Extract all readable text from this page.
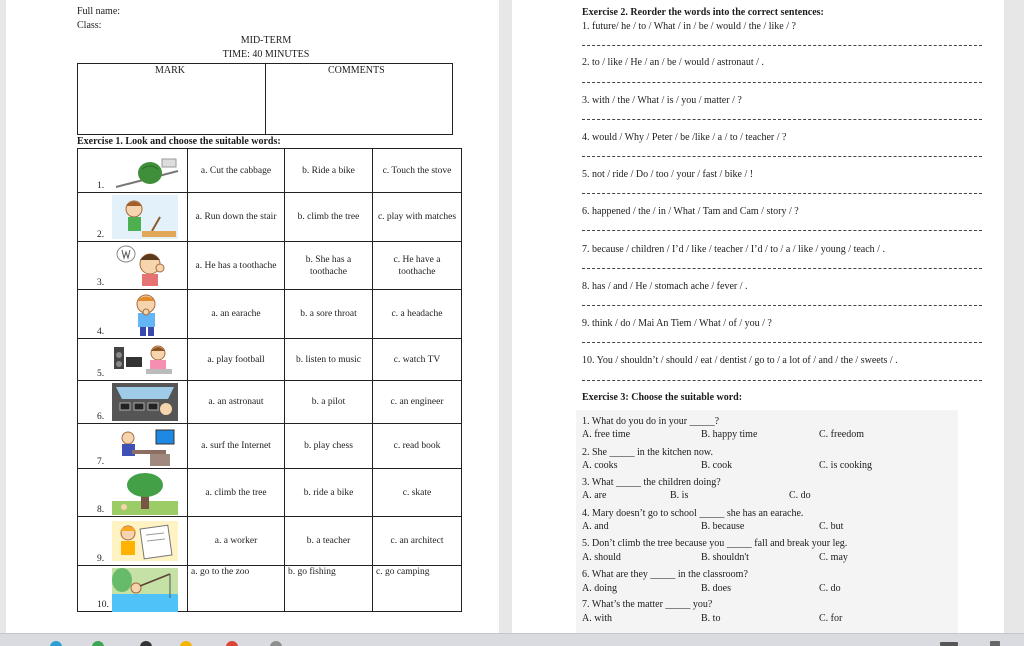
Full name:
Class:
MID-TERM
TIME: 40 MINUTES
MARK	COMMENTS
Exercise 1. Look and choose the suitable words:
1.	a. Cut the cabbage	b. Ride a bike	c. Touch the stove

2.	a. Run down the stair	b. climb the tree	c. play with matches

3.	a. He has a toothache	b. She has a toothache	c. He have a toothache

4.	a. an earache	b. a sore throat	c. a headache

5.	a. play football	b. listen to music	c. watch TV

6.	a. an astronaut	b. a pilot	c. an engineer

7.	a. surf the Internet	b. play chess	c. read book

8.	a. climb the tree	b. ride a bike	c. skate

9.	a. a worker	b. a teacher	c. an architect

10.	a. go to the zoo	b. go fishing	c. go camping
Exercise 2. Reorder the words into the correct sentences:
1. future/ he / to / What / in / be / would / the / like / ?
2. to / like / He / an / be / would / astronaut / .
3. with / the / What / is / you / matter / ?
4. would / Why / Peter / be /like / a / to / teacher / ?
5. not / ride / Do / too / your / fast / bike / !
6. happened / the / in / What / Tam and Cam / story / ?
7. because / children / I’d / like / teacher / I’d / to / a / like / young / teach / .
8. has / and / He / stomach ache / fever / .
9. think / do / Mai An Tiem / What / of / you / ?
10. You / shouldn’t / should / eat / dentist / go to / a lot of / and / the / sweets / .
Exercise 3: Choose the suitable word:
1. What do you do in your _____?
A. free time	B. happy time	C. freedom
2. She _____ in the kitchen now.
A. cooks	B. cook	C. is cooking
3. What _____ the children doing?
A. are	B. is	C. do
4. Mary doesn’t go to school _____ she has an earache.
A. and	B. because	C. but
5. Don’t climb the tree because you _____ fall and break your leg.
A. should	B. shouldn't	C. may
6. What are they _____ in the classroom?
A. doing	B. does	C. do
7. What’s the matter _____ you?
A. with	B. to	C. for
